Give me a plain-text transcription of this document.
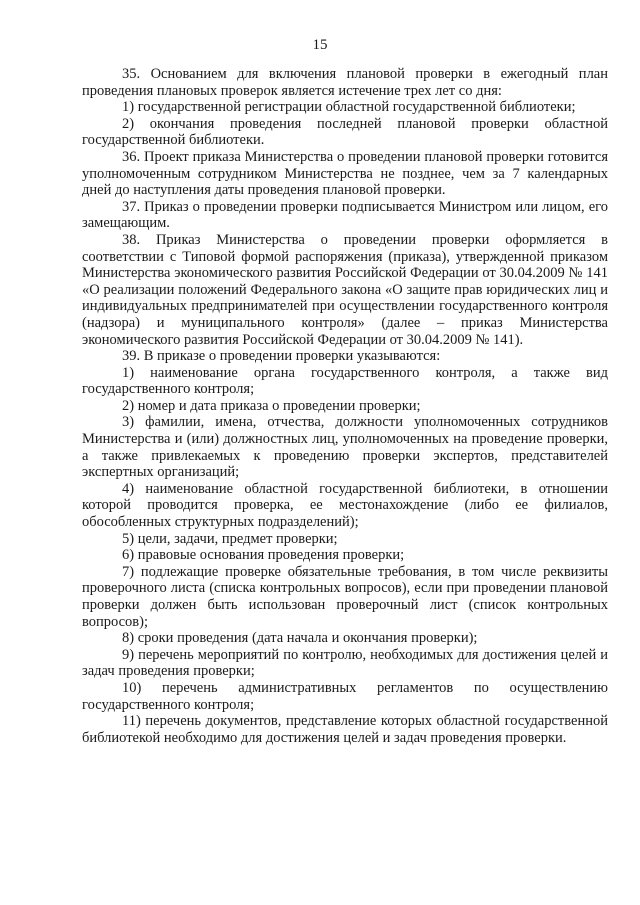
15

35. Основанием для включения плановой проверки в ежегодный план проведения плановых проверок является истечение трех лет со дня:

1) государственной регистрации областной государственной библиотеки;

2) окончания проведения последней плановой проверки областной государственной библиотеки.

36. Проект приказа Министерства о проведении плановой проверки готовится уполномоченным сотрудником Министерства не позднее, чем за 7 календарных дней до наступления даты проведения плановой проверки.

37. Приказ о проведении проверки подписывается Министром или лицом, его замещающим.

38. Приказ Министерства о проведении проверки оформляется в соответствии с Типовой формой распоряжения (приказа), утвержденной приказом Министерства экономического развития Российской Федерации от 30.04.2009 № 141 «О реализации положений Федерального закона «О защите прав юридических лиц и индивидуальных предпринимателей при осуществлении государственного контроля (надзора) и муниципального контроля» (далее – приказ Министерства экономического развития Российской Федерации от 30.04.2009 № 141).

39. В приказе о проведении проверки указываются:

1) наименование органа государственного контроля, а также вид государственного контроля;

2) номер и дата приказа о проведении проверки;

3) фамилии, имена, отчества, должности уполномоченных сотрудников Министерства и (или) должностных лиц, уполномоченных на проведение проверки, а также привлекаемых к проведению проверки экспертов, представителей экспертных организаций;

4) наименование областной государственной библиотеки, в отношении которой проводится проверка, ее местонахождение (либо ее филиалов, обособленных структурных подразделений);

5) цели, задачи, предмет проверки;

6) правовые основания проведения проверки;

7) подлежащие проверке обязательные требования, в том числе реквизиты проверочного листа (списка контрольных вопросов), если при проведении плановой проверки должен быть использован проверочный лист (список контрольных вопросов);

8) сроки проведения (дата начала и окончания проверки);

9) перечень мероприятий по контролю, необходимых для достижения целей и задач проведения проверки;

10) перечень административных регламентов по осуществлению государственного контроля;

11) перечень документов, представление которых областной государственной библиотекой необходимо для достижения целей и задач проведения проверки.
